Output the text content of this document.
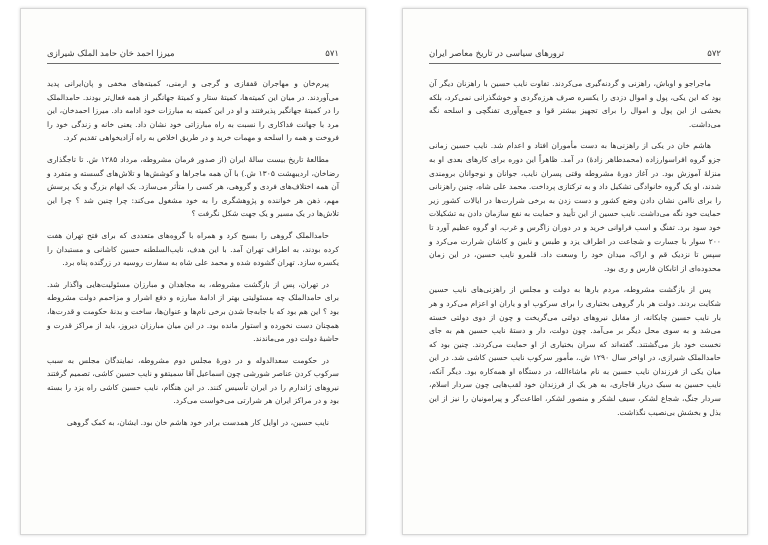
۵۷۱
میرزا احمد خان حامد الملک شیرازی

پیرم‌خان و مهاجران قفقازی و گرجی و ارمنی، کمیته‌های مخفی و پان‌ایرانی پدید می‌آوردند. در میان این کمیته‌ها، کمیتهٔ ستار و کمیتهٔ جهانگیر از همه فعال‌تر بودند. حامدالملک را در کمیتهٔ جهانگیر پذیرفتند و او در این کمیته به مبارزات خود ادامه داد. میرزا احمدخان، این مرد با جهانت فداکاری را نسبت به راه مبارزاتی خود نشان داد. یعنی خانه و زندگی خود را فروخت و همه را اسلحه و مهمات خرید و در طریق اخلاص به راه آزادیخواهی تقدیم کرد.

مطالعهٔ تاریخ بیست سالهٔ ایران (از صدور فرمان مشروطه، مرداد ۱۲۸۵ ش. تا تاجگذاری رضاخان، اردیبهشت ۱۳۰۵ ش.) با آن همه ماجراها و کوشش‌ها و تلاش‌های گسسته و متفرد و آن همه اختلاف‌های فردی و گروهی، هر کسی را متأثر می‌سازد. یک ابهام بزرگ و یک پرسش مهم، ذهن هر خواننده و پژوهشگری را به خود مشغول می‌کند: چرا چنین شد ؟ چرا این تلاش‌ها در یک مسیر و یک جهت شکل نگرفت ؟

حامدالملک گروهی را بسیج کرد و همراه با گروه‌های متعددی که برای فتح تهران هفت کرده بودند، به اطراف تهران آمد. با این هدف، نایب‌السلطنه حسین کاشانی و مستبدان را یکسره سازد. تهران گشوده شده و محمد علی شاه به سفارت روسیه در زرگنده پناه برد.

در تهران، پس از بازگشت مشروطه، به مجاهدان و مبارزان مسئولیت‌هایی واگذار شد. برای حامدالملک چه مسئولیتی بهتر از ادامهٔ مبارزه و دفع اشرار و مزاحمم دولت مشروطه بود ؟ این هم بود که با جابه‌جا شدن برخی نام‌ها و عنوان‌ها، ساخت و بدنهٔ حکومت و قدرت‌ها، همچنان دست نخورده و استوار مانده بود. در این میان مبارزان دیروز، باید از مراکز قدرت و حاشیهٔ دولت دور می‌ماندند.

در حکومت سعدالدوله و در دورهٔ مجلس دوم مشروطه، نمایندگان مجلس به سبب سرکوب کردن عناصر شورشی چون اسماعیل آقا سمیتقو و نایب حسین کاشی، تصمیم گرفتند نیروهای ژاندارم را در ایران تأسیس کنند. در این هنگام، نایب حسین کاشی راه یزد را بسته بود و در مراکز ایران هر شرارتی می‌خواست می‌کرد.

نایب حسین، در اوایل کار همدست برادر خود هاشم خان بود. ایشان، به کمک گروهی

۵۷۲
ترورهای سیاسی در تاریخ معاصر ایران

ماجراجو و اوباش، راهزنی و گردنه‌گیری می‌کردند. تفاوت نایب حسین با راهزنان دیگر آن بود که این یکی، پول و اموال دزدی را یکسره صرف هرزه‌گردی و خوشگذرانی نمی‌کرد، بلکه بخشی از این پول و اموال را برای تجهیز بیشتر قوا و جمع‌آوری تفنگچی و اسلحه نگه می‌داشت.

هاشم خان در یکی از راهزنی‌ها به دست مأموران افتاد و اعدام شد. نایب حسین زمانی جزو گروه افراسوارزاده (محمدطاهر زادهٔ) در آمد. ظاهراً این دوره برای کارهای بعدی او به منزلهٔ آموزش بود. در آغاز دورهٔ مشروطه وقتی پسران نایب، جوانان و نوجوانان برومندی شدند، او یک گروه خانوادگی تشکیل داد و به ترکتازی پرداخت. محمد علی شاه، چنین راهزنانی را برای ناامن نشان دادن وضع کشور و دست زدن به برخی شرارت‌ها در ایالات کشور زیر حمایت خود نگه می‌داشت. نایب حسین از این تأیید و حمایت به نفع سازمان دادن به تشکیلات خود سود برد. تفنگ و اسب فراوانی خرید و در دوران زاگرس و غرب، او گروه عظیم آورد تا ۲۰۰ سوار با جسارت و شجاعت در اطراف یزد و طبس و نایین و کاشان شرارت می‌کرد و سپس تا نزدیک قم و اراک، میدان خود را وسعت داد. قلمرو نایب حسین، در این زمان محدوده‌ای از اتابکان فارس و ری بود.

پس از بازگشت مشروطه، مردم بارها به دولت و مجلس از راهزنی‌های نایب حسین شکایت بردند. دولت هر بار گروهی بختیاری را برای سرکوب او و یاران او اعزام می‌کرد و هر بار نایب حسین چابکانه، از مقابل نیروهای دولتی می‌گریخت و چون از دوی دولتی خسته می‌شد و به سوی محل دیگر بر می‌آمد. چون دولت، دار و دستهٔ نایب حسین هم به جای نخست خود باز می‌گشتند. گفته‌اند که سران بختیاری از او حمایت می‌کردند. چنین بود که حامدالملک شیرازی، در اواخر سال ۱۲۹۰ ش.، مأمور سرکوب نایب حسین کاشی شد. در این میان یکی از فرزندان نایب حسین به نام ماشاءالله، در دستگاه او همه‌کاره بود. دیگر آنکه، نایب حسین به سبک دربار قاجاری، به هر یک از فرزندان خود لقب‌هایی چون سردار اسلام، سردار جنگ، شجاع لشکر، سیف لشکر و منصور لشکر، اطاعت‌گر و پیرامونیان را نیز از این بذل و بخشش بی‌نصیب نگذاشت.
